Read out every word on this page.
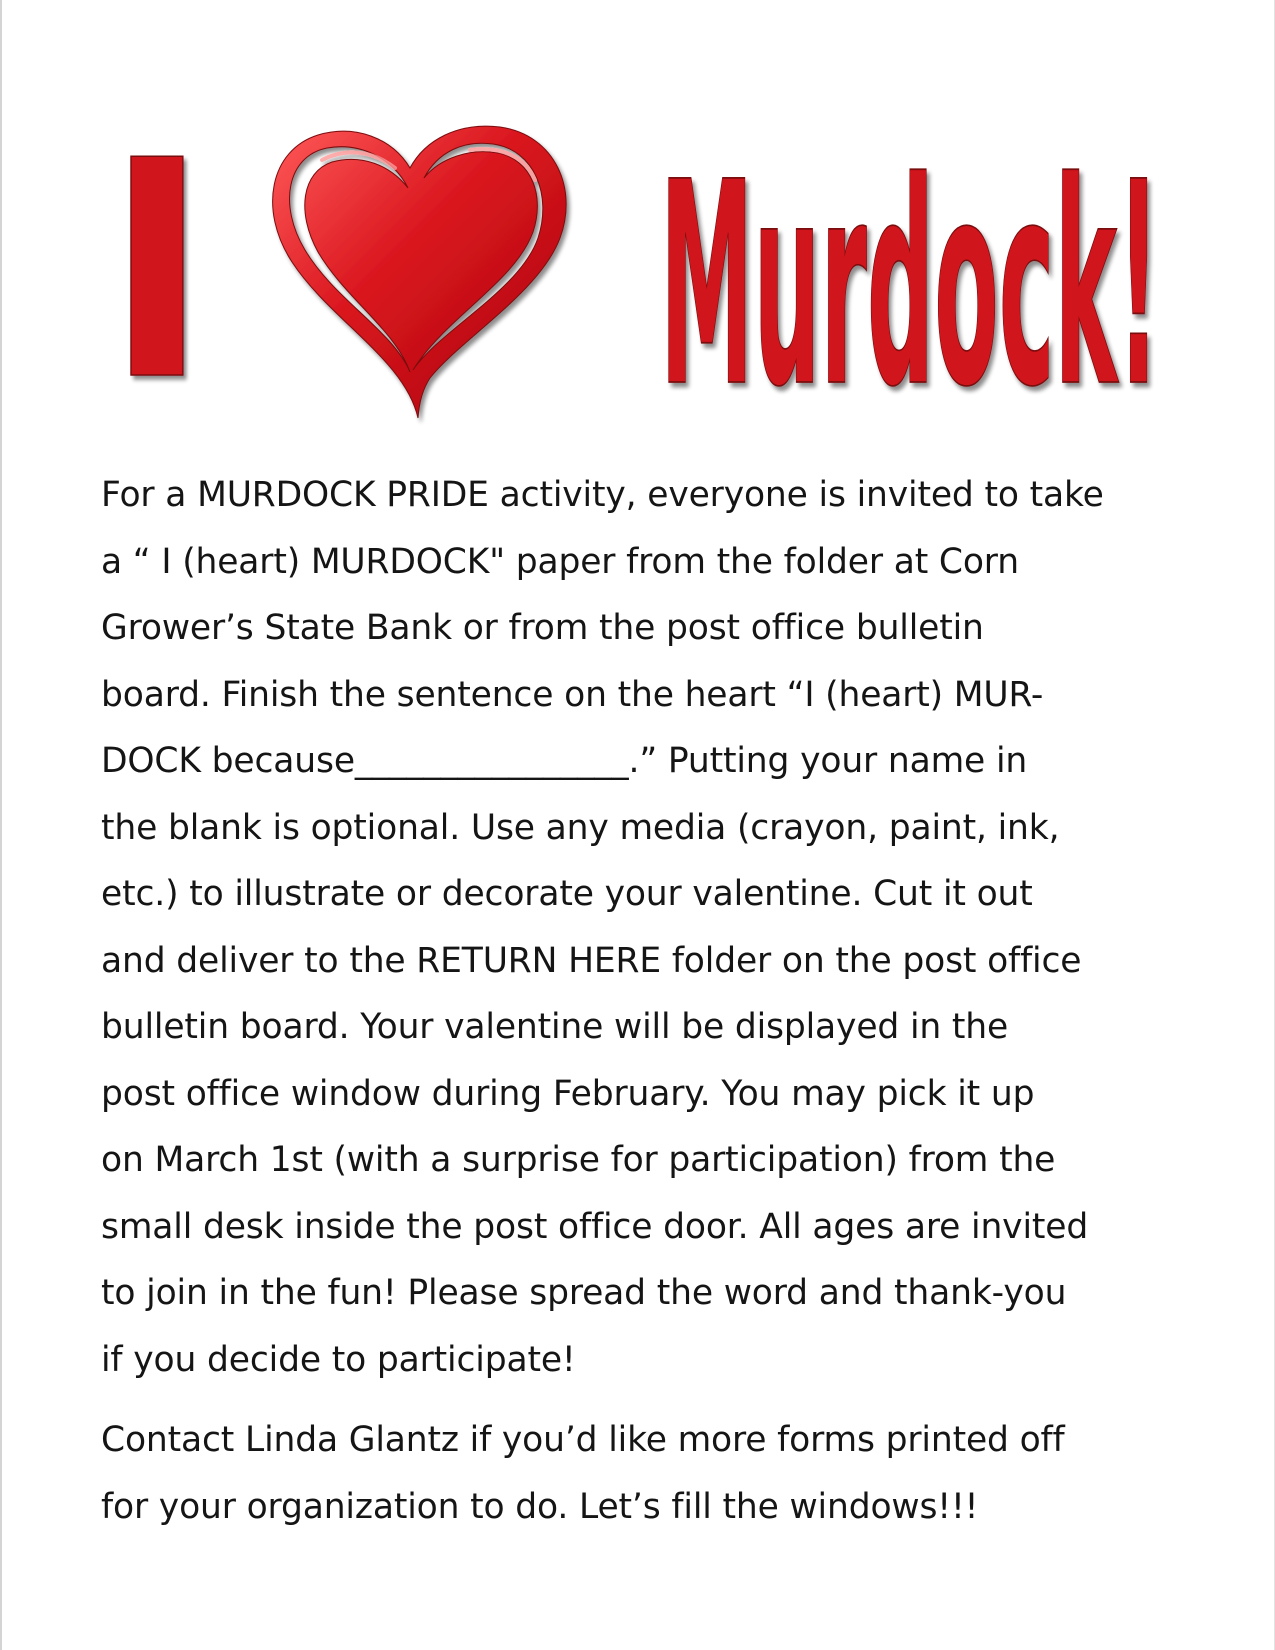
I Murdock!
For a MURDOCK PRIDE activity, everyone is invited to take
a “ I (heart) MURDOCK" paper from the folder at Corn
Grower’s State Bank or from the post office bulletin
board. Finish the sentence on the heart “I (heart) MUR-
DOCK because________________.” Putting your name in
the blank is optional. Use any media (crayon, paint, ink,
etc.) to illustrate or decorate your valentine. Cut it out
and deliver to the RETURN HERE folder on the post office
bulletin board. Your valentine will be displayed in the
post office window during February. You may pick it up
on March 1st (with a surprise for participation) from the
small desk inside the post office door. All ages are invited
to join in the fun! Please spread the word and thank-you
if you decide to participate!
Contact Linda Glantz if you’d like more forms printed off
for your organization to do. Let’s fill the windows!!!
